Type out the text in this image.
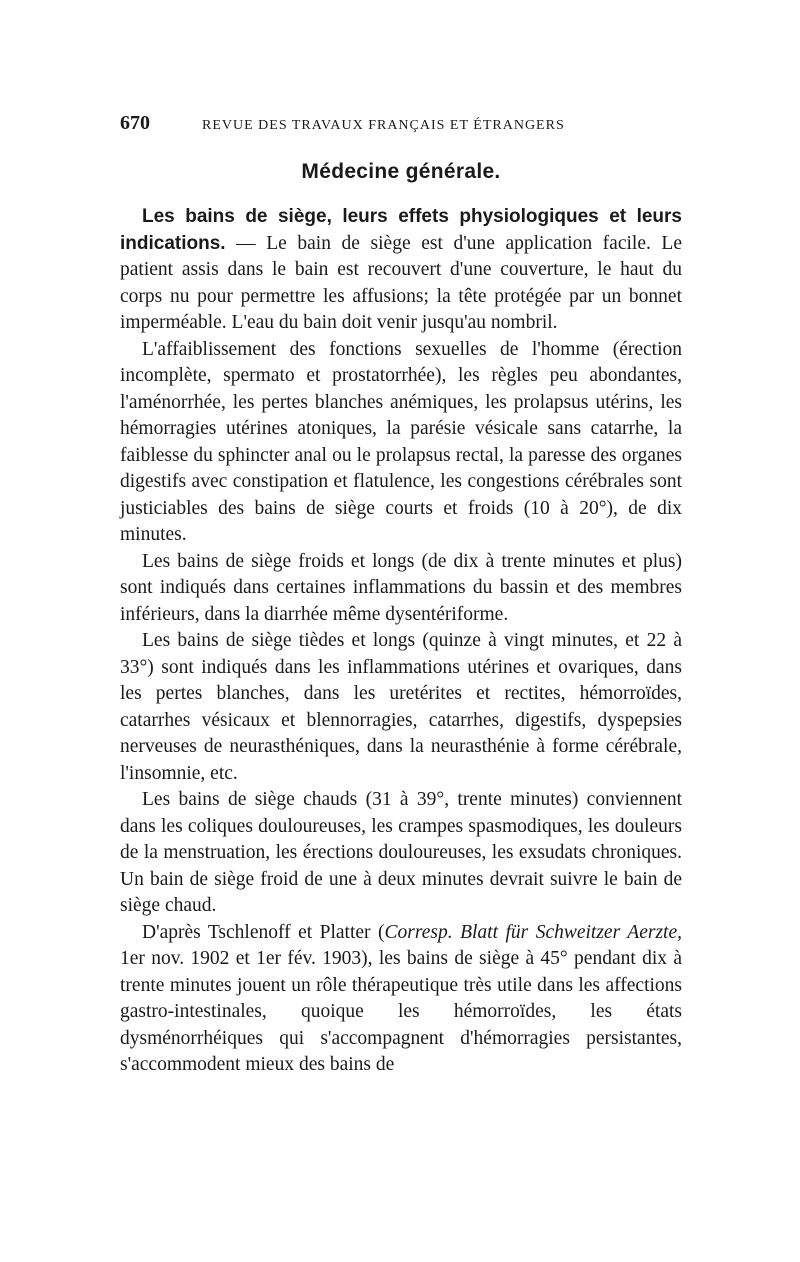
670	REVUE DES TRAVAUX FRANÇAIS ET ÉTRANGERS
Médecine générale.

Les bains de siège, leurs effets physiologiques et leurs indications. — Le bain de siège est d'une application facile. Le patient assis dans le bain est recouvert d'une couverture, le haut du corps nu pour permettre les affusions; la tête protégée par un bonnet imperméable. L'eau du bain doit venir jusqu'au nombril.

L'affaiblissement des fonctions sexuelles de l'homme (érection incomplète, spermato et prostatorrhée), les règles peu abondantes, l'aménorrhée, les pertes blanches anémiques, les prolapsus utérins, les hémorragies utérines atoniques, la parésie vésicale sans catarrhe, la faiblesse du sphincter anal ou le prolapsus rectal, la paresse des organes digestifs avec constipation et flatulence, les congestions cérébrales sont justiciables des bains de siège courts et froids (10 à 20°), de dix minutes.

Les bains de siège froids et longs (de dix à trente minutes et plus) sont indiqués dans certaines inflammations du bassin et des membres inférieurs, dans la diarrhée même dysentériforme.

Les bains de siège tièdes et longs (quinze à vingt minutes, et 22 à 33°) sont indiqués dans les inflammations utérines et ovariques, dans les pertes blanches, dans les uretérites et rectites, hémorroïdes, catarrhes vésicaux et blennorragies, catarrhes, digestifs, dyspepsies nerveuses de neurasthéniques, dans la neurasthénie à forme cérébrale, l'insomnie, etc.

Les bains de siège chauds (31 à 39°, trente minutes) conviennent dans les coliques douloureuses, les crampes spasmodiques, les douleurs de la menstruation, les érections douloureuses, les exsudats chroniques. Un bain de siège froid de une à deux minutes devrait suivre le bain de siège chaud.

D'après Tschlenoff et Platter (Corresp. Blatt für Schweitzer Aerzte, 1er nov. 1902 et 1er fév. 1903), les bains de siège à 45° pendant dix à trente minutes jouent un rôle thérapeutique très utile dans les affections gastro-intestinales, quoique les hémorroïdes, les états dysménorrhéiques qui s'accompagnent d'hémorragies persistantes, s'accommodent mieux des bains de
